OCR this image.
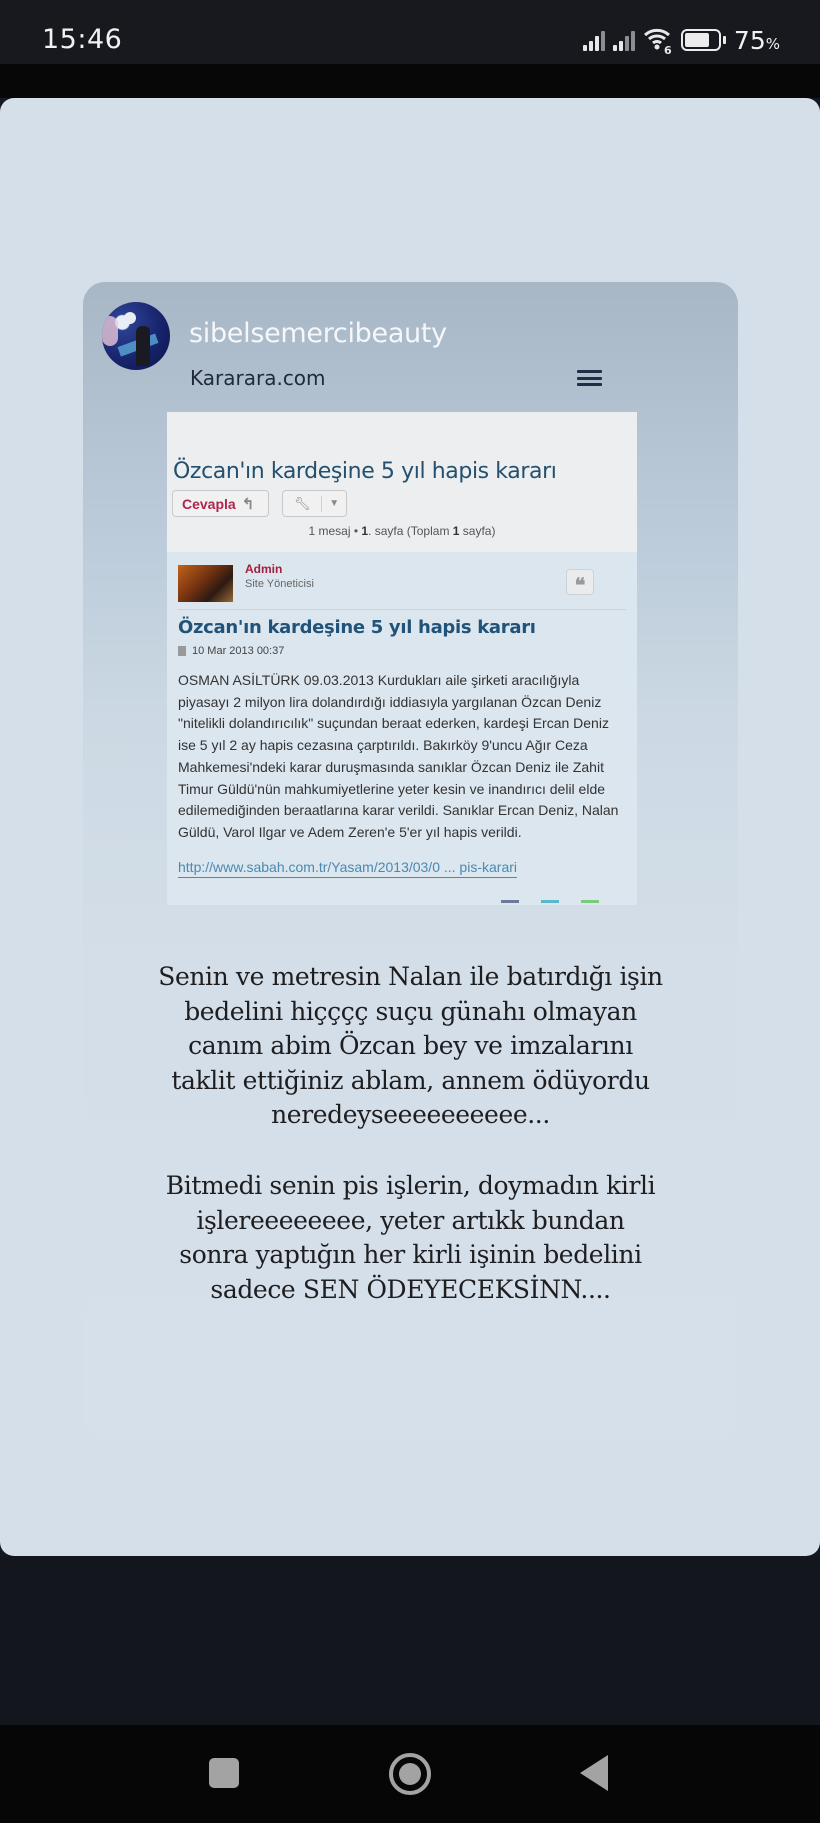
15:46	6 75%
sibelsemercibeauty
Kararara.com
Özcan'ın kardeşine 5 yıl hapis kararı
Cevapla ↰	🔧︎	▼
1 mesaj • 1. sayfa (Toplam 1 sayfa)
Admin
Site Yöneticisi	❝
Özcan'ın kardeşine 5 yıl hapis kararı
10 Mar 2013 00:37
OSMAN ASİLTÜRK 09.03.2013 Kurdukları aile şirketi aracılığıyla piyasayı 2 milyon lira dolandırdığı iddiasıyla yargılanan Özcan Deniz "nitelikli dolandırıcılık" suçundan beraat ederken, kardeşi Ercan Deniz ise 5 yıl 2 ay hapis cezasına çarptırıldı. Bakırköy 9'uncu Ağır Ceza Mahkemesi'ndeki karar duruşmasında sanıklar Özcan Deniz ile Zahit Timur Güldü'nün mahkumiyetlerine yeter kesin ve inandırıcı delil elde edilemediğinden beraatlarına karar verildi. Sanıklar Ercan Deniz, Nalan Güldü, Varol Ilgar ve Adem Zeren'e 5'er yıl hapis verildi.
http://www.sabah.com.tr/Yasam/2013/03/0 ... pis-karari
Senin ve metresin Nalan ile batırdığı işin bedelini hiçççç suçu günahı olmayan canım abim Özcan bey ve imzalarını taklit ettiğiniz ablam, annem ödüyordu neredeyseeeeeeeeee...
Bitmedi senin pis işlerin, doymadın kirli işlereeeeeeee, yeter artıkk bundan sonra yaptığın her kirli işinin bedelini sadece SEN ÖDEYECEKSİNN....
